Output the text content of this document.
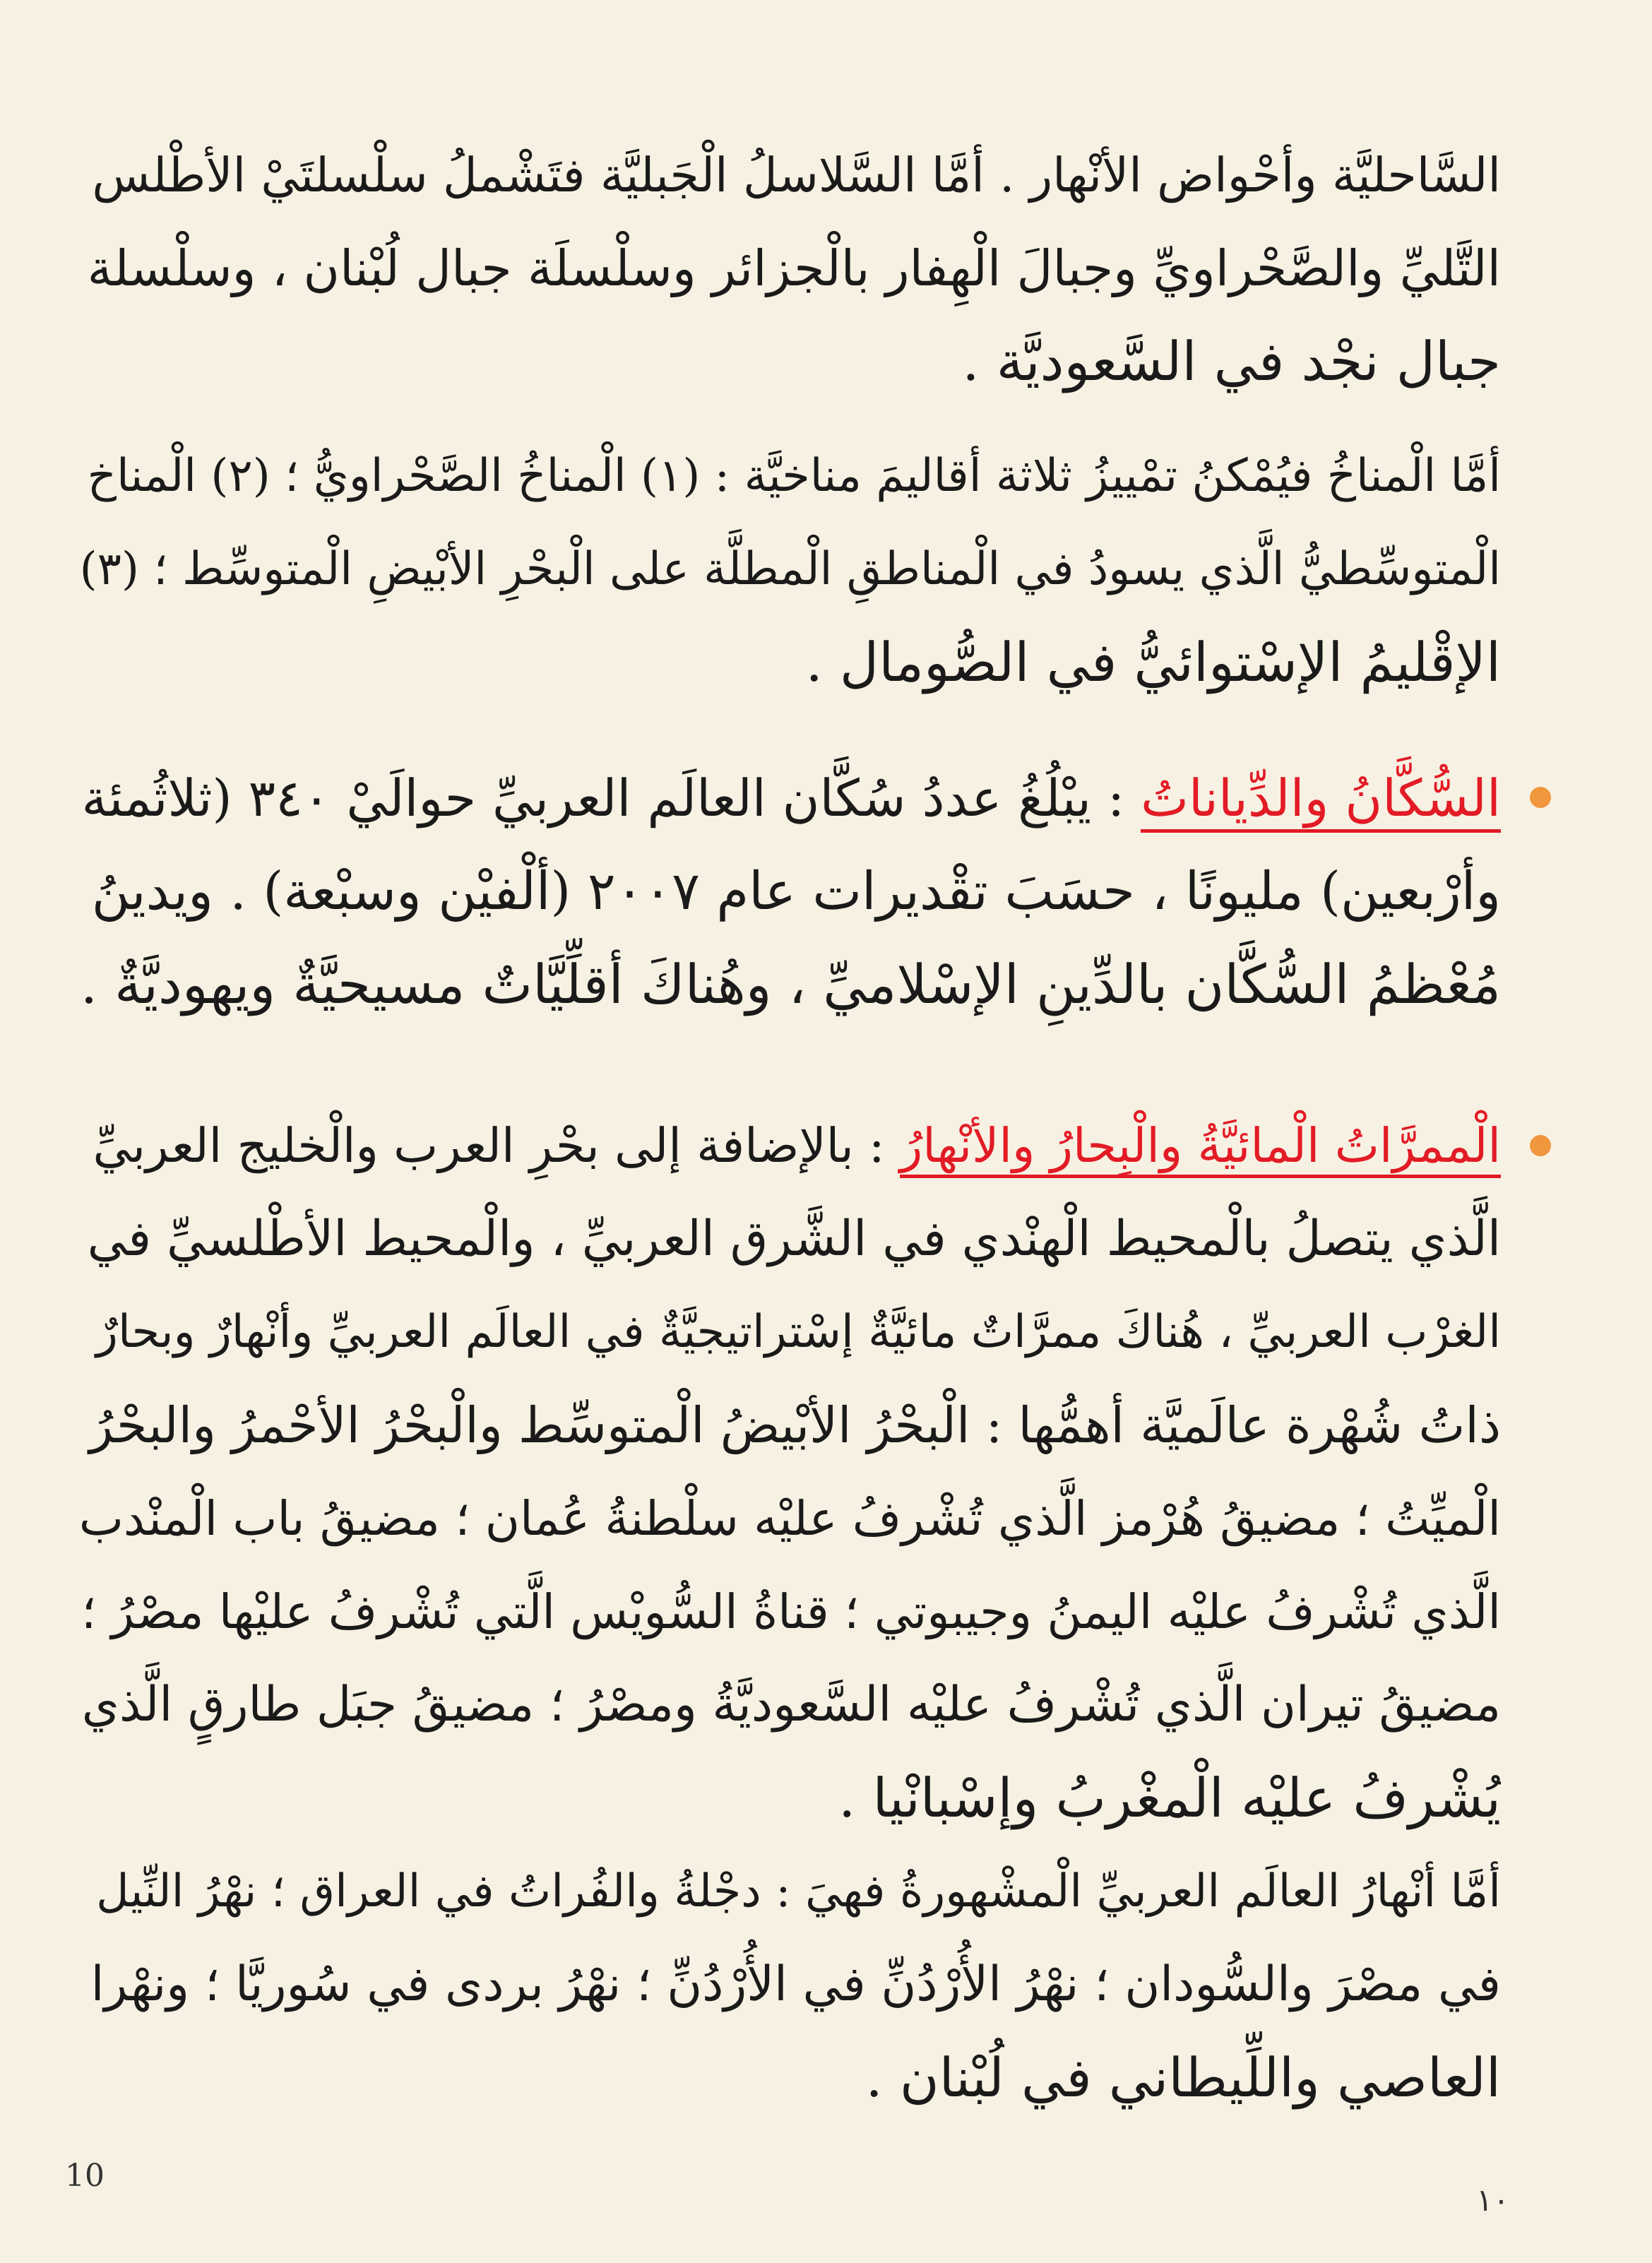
السَّاحليَّة وأحْواض الأنْهار . أمَّا السَّلاسلُ الْجَبليَّة فتَشْملُ سلْسلتَيْ الأطْلس
التَّليِّ والصَّحْراويِّ وجبالَ الْهِفار بالْجزائر وسلْسلَة جبال لُبْنان ، وسلْسلة
جبال نجْد في السَّعوديَّة .
أمَّا الْمناخُ فيُمْكنُ تمْييزُ ثلاثة أقاليمَ مناخيَّة : (١) الْمناخُ الصَّحْراويُّ ؛ (٢) الْمناخ
الْمتوسِّطيُّ الَّذي يسودُ في الْمناطقِ الْمطلَّة على الْبحْرِ الأبْيضِ الْمتوسِّط ؛ (٣)
الإقْليمُ الإسْتوائيُّ في الصُّومال .
السُّكَّانُ والدِّياناتُ : يبْلُغُ عددُ سُكَّان العالَم العربيِّ حوالَيْ ٣٤٠ (ثلاثُمئة
وأرْبعين) مليونًا ، حسَبَ تقْديرات عام ٢٠٠٧ (ألْفيْن وسبْعة) . ويدينُ
مُعْظمُ السُّكَّان بالدِّينِ الإسْلاميِّ ، وهُناكَ أقلِّيَّاتٌ مسيحيَّةٌ ويهوديَّةٌ .
الْممرَّاتُ الْمائيَّةُ والْبِحارُ والأنْهارُ : بالإضافة إلى بحْرِ العرب والْخليج العربيِّ
الَّذي يتصلُ بالْمحيط الْهنْدي في الشَّرق العربيِّ ، والْمحيط الأطْلسيِّ في
الغرْب العربيِّ ، هُناكَ ممرَّاتٌ مائيَّةٌ إسْتراتيجيَّةٌ في العالَم العربيِّ وأنْهارٌ وبحارٌ
ذاتُ شُهْرة عالَميَّة أهمُّها : الْبحْرُ الأبْيضُ الْمتوسِّط والْبحْرُ الأحْمرُ والبحْرُ
الْميِّتُ ؛ مضيقُ هُرْمز الَّذي تُشْرفُ عليْه سلْطنةُ عُمان ؛ مضيقُ باب الْمنْدب
الَّذي تُشْرفُ عليْه اليمنُ وجيبوتي ؛ قناةُ السُّويْس الَّتي تُشْرفُ عليْها مصْرُ ؛
مضيقُ تيران الَّذي تُشْرفُ عليْه السَّعوديَّةُ ومصْرُ ؛ مضيقُ جبَل طارقٍ الَّذي
يُشْرفُ عليْه الْمغْربُ وإسْبانْيا .
أمَّا أنْهارُ العالَم العربيِّ الْمشْهورةُ فهيَ : دجْلةُ والفُراتُ في العراق ؛ نهْرُ النِّيل
في مصْرَ والسُّودان ؛ نهْرُ الأُرْدُنِّ في الأُرْدُنِّ ؛ نهْرُ بردى في سُوريَّا ؛ ونهْرا
العاصي واللِّيطاني في لُبْنان .
10
١٠
